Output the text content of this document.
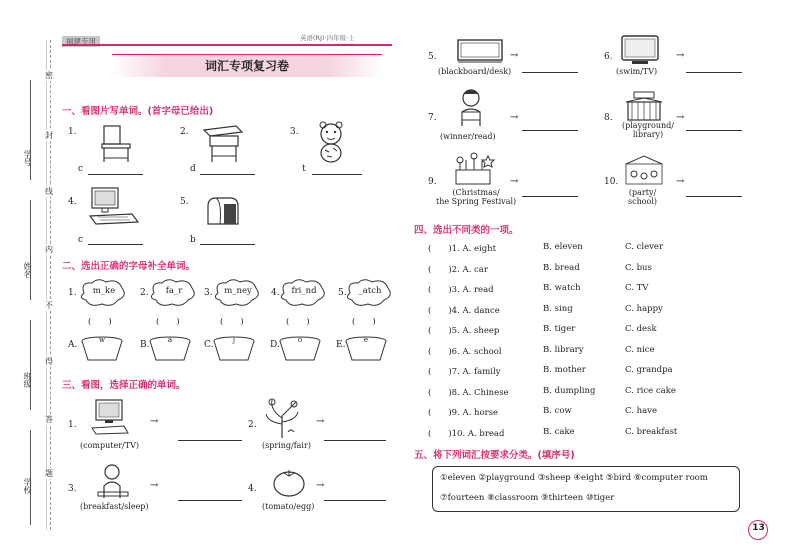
密
封
线
内
不
得
答
题
学号
姓名
班级
学校
福建专用	英语(RJ)·四年级·上
词汇专项复习卷
一、看图片写单词。(首字母已给出)
1.
c
2.
d
3.
t
4.
c
5.
b
二、选出正确的字母补全单词。
1.	2.	3.	4.	5.
m_ke	fa_r	m_ney	fri_nd	_atch
(　　)	(　　)	(　　)	(　　)	(　　)
A.	B.	C.	D.	E.
w	a	j	o	e
三、看图，选择正确的单词。
1.
(computer/TV)
→	2.
(spring/fair)
→
3.
(breakfast/sleep)
→	4.
(tomato/egg)
→
5.
(blackboard/desk)
→	6.
(swim/TV)
→
7.
(winner/read)
→	8.
(playground/
library)
→
9.
(Christmas/
the Spring Festival)
→	10.
(party/
school)
→
四、选出不同类的一项。
(　　)1. A. eight	B. eleven	C. clever
(　　)2. A. car	B. bread	C. bus
(　　)3. A. read	B. watch	C. TV
(　　)4. A. dance	B. sing	C. happy
(　　)5. A. sheep	B. tiger	C. desk
(　　)6. A. school	B. library	C. nice
(　　)7. A. family	B. mother	C. grandpa
(　　)8. A. Chinese	B. dumpling	C. rice cake
(　　)9. A. horse	B. cow	C. have
(　　)10. A. bread	B. cake	C. breakfast
五、将下列词汇按要求分类。(填序号)
①eleven ②playground ③sheep ④eight ⑤bird ⑥computer room
⑦fourteen ⑧classroom ⑨thirteen ⑩tiger
13
